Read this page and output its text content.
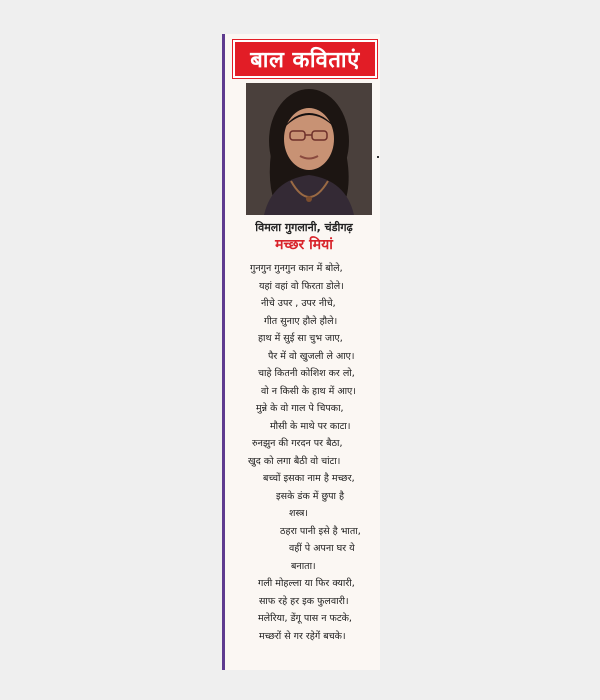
बाल कविताएं
विमला गुगलानी, चंडीगढ़
मच्छर मियां
गुनगुन गुनगुन कान में बोले,
यहां वहां वो फिरता डोले।
नीचे उपर , उपर नीचे,
गीत सुनाए हौले हौले।
हाथ में सुई सा चुभ जाए,
पैर में वो खुजली ले आए।
चाहे कितनी कोशिश कर लो,
वो न किसी के हाथ में आए।
मुन्ने के वो गाल पे चिपका,
मौसी के माथे पर काटा।
रुनझुन की गरदन पर बैठा,
खुद को लगा बैठी वो चांटा।
बच्चों इसका नाम है मच्छर,
इसके डंक में छुपा है
शस्त्र।
ठहरा पानी इसे है भाता,
वहीं पे अपना घर ये
बनाता।
गली मोहल्ला या फिर क्यारी,
साफ रहे हर इक फुलवारी।
मलेरिया, डेंगू पास न फटके,
मच्छरों से गर रहेगें बचके।
